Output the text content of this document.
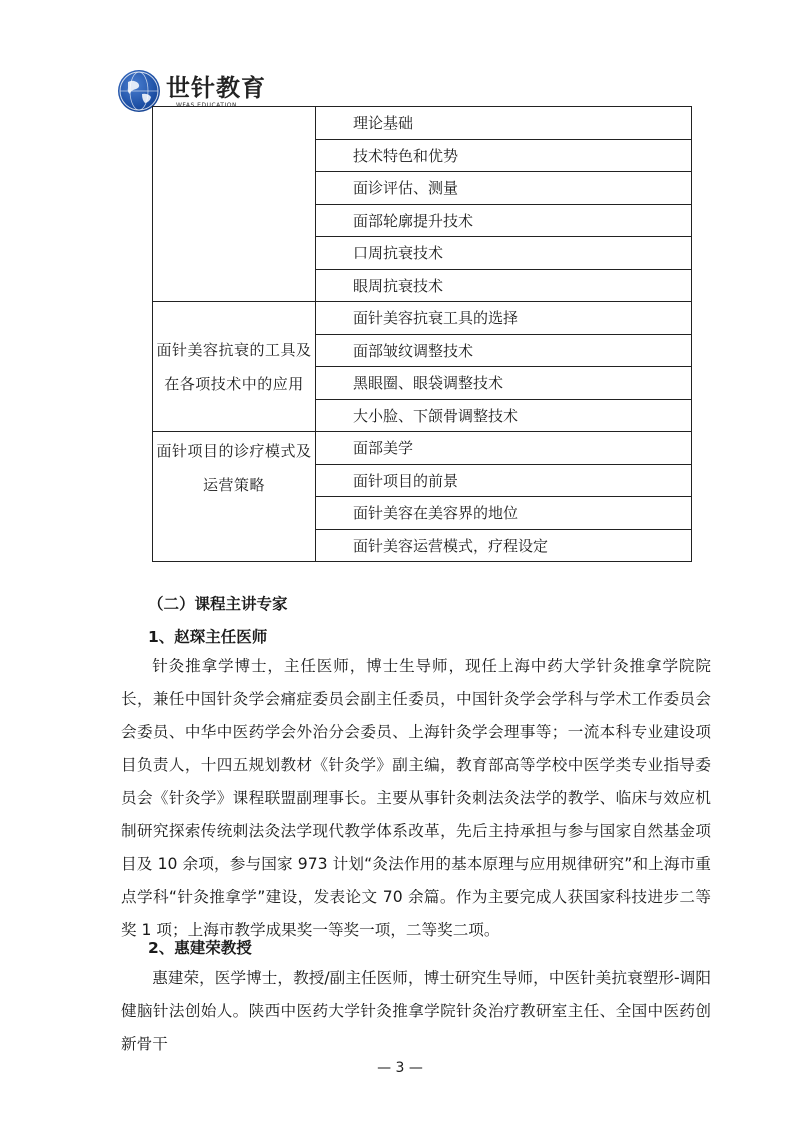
世针教育
WFAS EDUCATION
	理论基础
	技术特色和优势
	面诊评估、测量
	面部轮廓提升技术
	口周抗衰技术
	眼周抗衰技术

面针美容抗衰的工具及
在各项技术中的应用	面针美容抗衰工具的选择
	面部皱纹调整技术
	黑眼圈、眼袋调整技术
	大小脸、下颌骨调整技术

面针项目的诊疗模式及
运营策略	面部美学
	面针项目的前景
	面针美容在美容界的地位
	面针美容运营模式，疗程设定
（二）课程主讲专家
1、赵琛主任医师
针灸推拿学博士，主任医师，博士生导师，现任上海中药大学针灸推拿学院院长，兼任中国针灸学会痛症委员会副主任委员，中国针灸学会学科与学术工作委员会会委员、中华中医药学会外治分会委员、上海针灸学会理事等；一流本科专业建设项目负责人，十四五规划教材《针灸学》副主编，教育部高等学校中医学类专业指导委员会《针灸学》课程联盟副理事长。主要从事针灸刺法灸法学的教学、临床与效应机制研究探索传统刺法灸法学现代教学体系改革，先后主持承担与参与国家自然基金项目及 10 余项，参与国家 973 计划“灸法作用的基本原理与应用规律研究”和上海市重点学科“针灸推拿学”建设，发表论文 70 余篇。作为主要完成人获国家科技进步二等奖 1 项；上海市教学成果奖一等奖一项，二等奖二项。
2、惠建荣教授
惠建荣，医学博士，教授/副主任医师，博士研究生导师，中医针美抗衰塑形-调阳健脑针法创始人。陕西中医药大学针灸推拿学院针灸治疗教研室主任、全国中医药创新骨干
— 3 —
